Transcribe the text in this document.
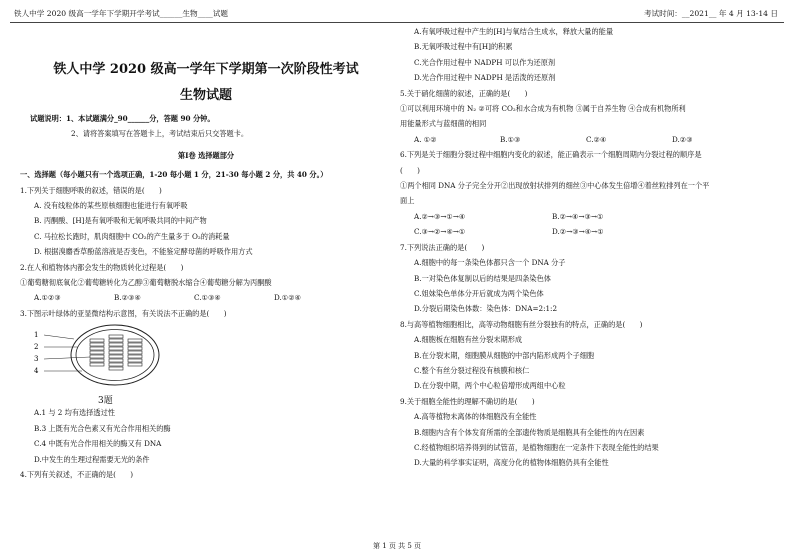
铁人中学 2020 级高一学年下学期开学考试______生物____试题	考试时间：__2021__ 年 4 月 13-14 日
铁人中学 2020 级高一学年下学期第一次阶段性考试
生物试题
试题说明：1、本试题满分_90______分，答题 90 分钟。
2、请将答案填写在答题卡上，考试结束后只交答题卡。
第Ⅰ卷 选择题部分
一、选择题（每小题只有一个选项正确，1-20 每小题 1 分，21-30 每小题 2 分，共 40 分。）
1.下列关于细胞呼吸的叙述，错误的是(　　)
A. 没有线粒体的某些原核细胞也能进行有氧呼吸
B. 丙酮酸、[H]是有氧呼吸和无氧呼吸共同的中间产物
C. 马拉松长跑时，肌肉细胞中 CO₂的产生量多于 O₂的消耗量
D. 根据溴麝香草酚蓝溶液是否变色，不能鉴定酵母菌的呼吸作用方式
2.在人和植物体内都会发生的物质转化过程是(　　)
①葡萄糖彻底氧化②葡萄糖转化为乙醇③葡萄糖脱水缩合④葡萄糖分解为丙酮酸
A.①②③	B.②③④	C.①③④	D.①②④
3.下图示叶绿体的亚显微结构示意图，有关说法不正确的是(　　)
1
2
3
4
3题
A.1 与 2 均有选择透过性
B.3 上既有光合色素又有光合作用相关的酶
C.4 中既有光合作用相关的酶又有 DNA
D.中发生的生理过程需要无光的条件
4.下列有关叙述，不正确的是(　　)
A.有氧呼吸过程中产生的[H]与氧结合生成水，释放大量的能量
B.无氧呼吸过程中有[H]的积累
C.光合作用过程中 NADPH 可以作为还原剂
D.光合作用过程中 NADPH 是活泼的还原剂
5.关于硝化细菌的叙述，正确的是(　　)
①可以利用环境中的 N₂ ②可将 CO₂和水合成为有机物 ③属于自养生物 ④合成有机物所利
用能量形式与蓝细菌的相同
A. ①②	B.①③	C.②④	D.②③
6.下列是关于细胞分裂过程中细胞内变化的叙述，能正确表示一个细胞周期内分裂过程的顺序是
(　　)
①两个相同 DNA 分子完全分开②出现放射状排列的细丝③中心体发生倍增④着丝粒排列在一个平
面上
A.②→③→①→④	B.②→④→③→①
C.③→②→④→①	D.②→③→④→①
7.下列说法正确的是(　　)
A.细胞中的每一条染色体都只含一个 DNA 分子
B.一对染色体复制以后的结果是四条染色体
C.姐妹染色单体分开后就成为两个染色体
D.分裂后期染色体数：染色体：DNA=2:1:2
8.与高等植物细胞相比，高等动物细胞有丝分裂独有的特点，正确的是(　　)
A.细胞板在细胞有丝分裂末期形成
B.在分裂末期，细胞膜从细胞的中部内陷形成两个子细胞
C.整个有丝分裂过程没有核膜和核仁
D.在分裂中期，两个中心粒倍增形成两组中心粒
9.关于细胞全能性的理解不确切的是(　　)
A.高等植物未离体的体细胞没有全能性
B.细胞内含有个体发育所需的全部遗传物质是细胞具有全能性的内在因素
C.经植物组织培养得到的试管苗，是植物细胞在一定条件下表现全能性的结果
D.大量的科学事实证明，高度分化的植物体细胞仍具有全能性
第 1 页 共 5 页
